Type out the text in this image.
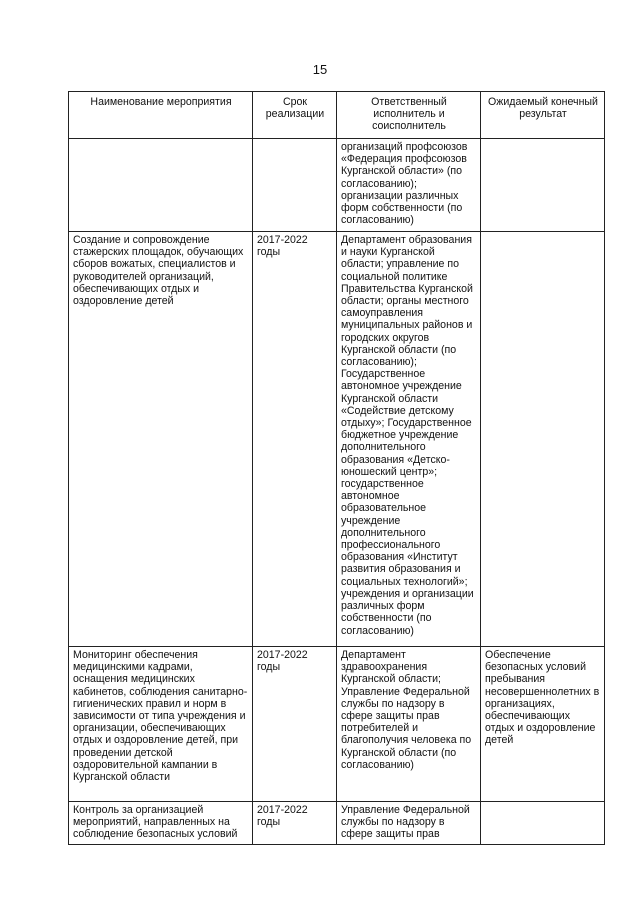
15
Наименование мероприятия	Срок реализации	Ответственный исполнитель и соисполнитель	Ожидаемый конечный результат
		организаций профсоюзов «Федерация профсоюзов Курганской области» (по согласованию); организации различных форм собственности (по согласованию)	
Создание и сопровождение стажерских площадок, обучающих сборов вожатых, специалистов и руководителей организаций, обеспечивающих отдых и оздоровление детей	2017-2022 годы	Департамент образования и науки Курганской области; управление по социальной политике Правительства Курганской области; органы местного самоуправления муниципальных районов и городских округов Курганской области (по согласованию); Государственное автономное учреждение Курганской области «Содействие детскому отдыху»; Государственное бюджетное учреждение дополнительного образования «Детско-юношеский центр»; государственное автономное образовательное учреждение дополнительного профессионального образования «Институт развития образования и социальных технологий»; учреждения и организации различных форм собственности (по согласованию)	
Мониторинг обеспечения медицинскими кадрами, оснащения медицинских кабинетов, соблюдения санитарно-гигиенических правил и норм в зависимости от типа учреждения и организации, обеспечивающих отдых и оздоровление детей, при проведении детской оздоровительной кампании в Курганской области	2017-2022 годы	Департамент здравоохранения Курганской области; Управление Федеральной службы по надзору в сфере защиты прав потребителей и благополучия человека по Курганской области (по согласованию)	Обеспечение безопасных условий пребывания несовершеннолетних в организациях, обеспечивающих отдых и оздоровление детей
Контроль за организацией мероприятий, направленных на соблюдение безопасных условий	2017-2022 годы	Управление Федеральной службы по надзору в сфере защиты прав	
